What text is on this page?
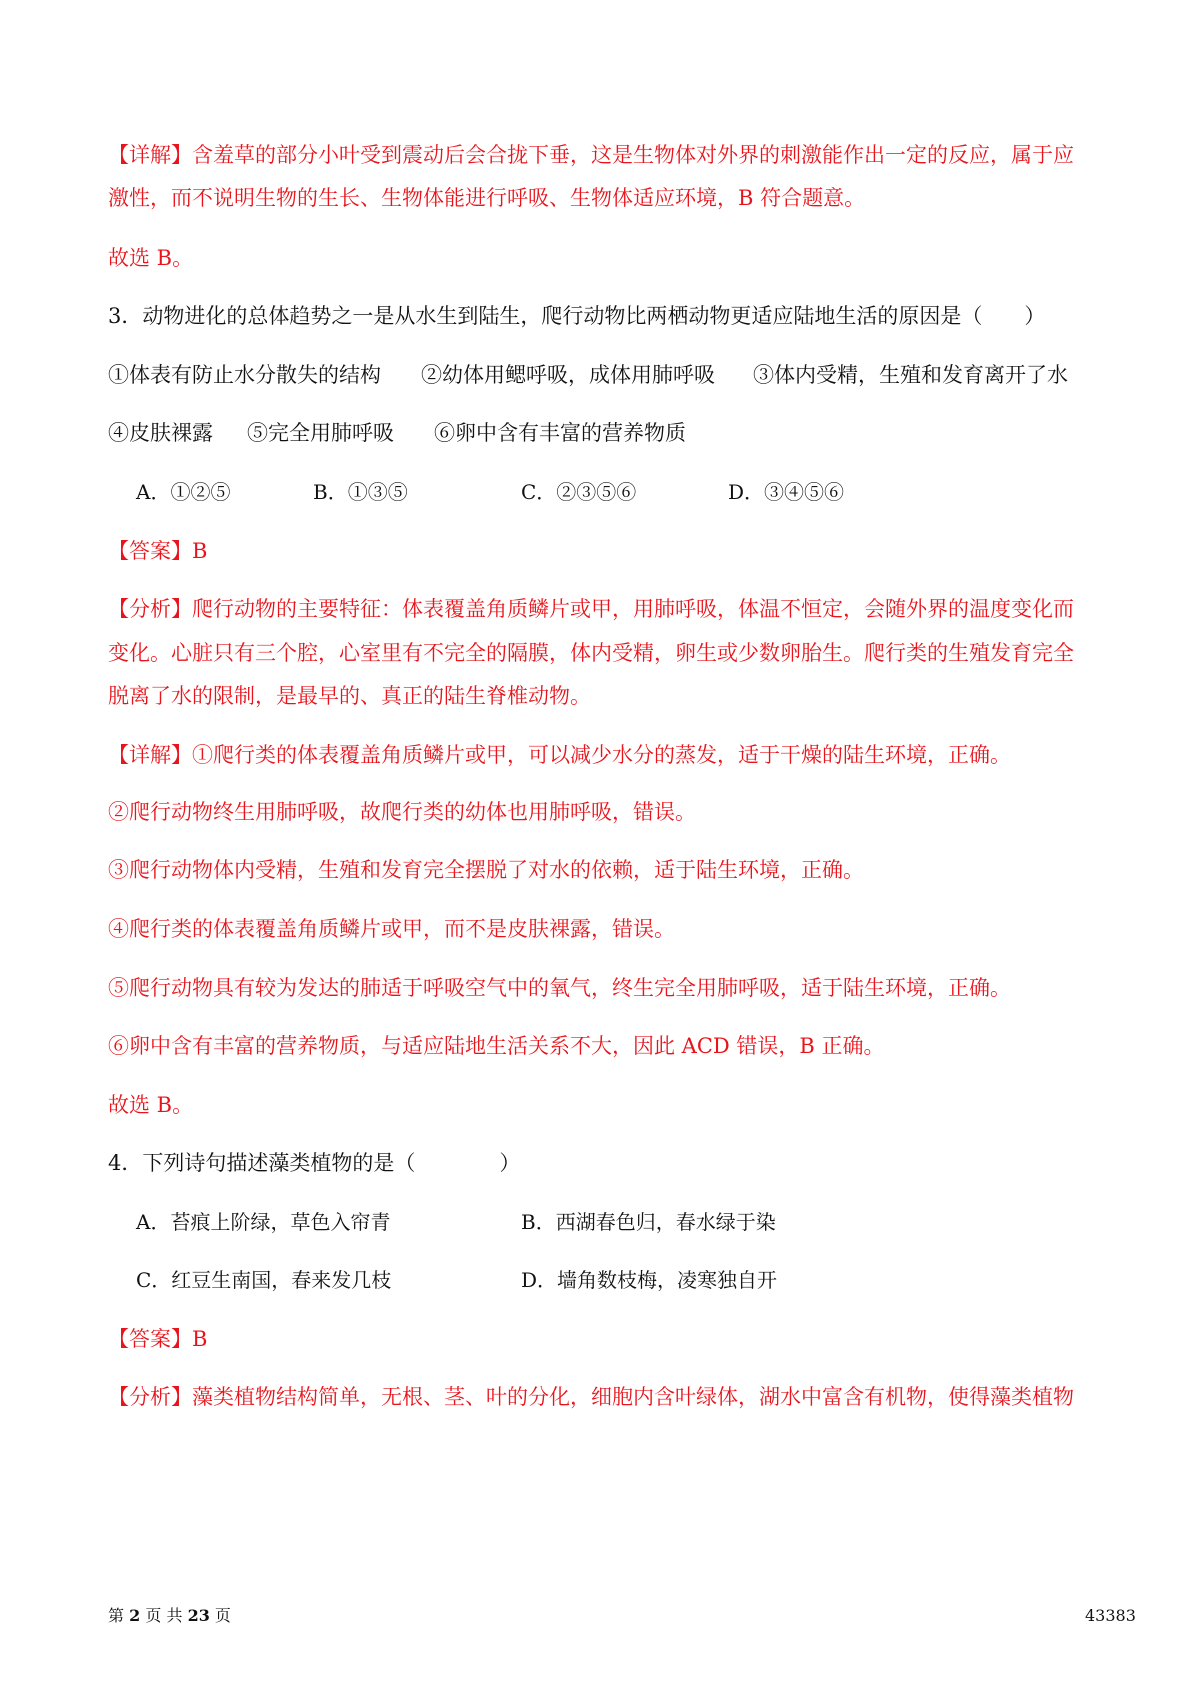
【详解】含羞草的部分小叶受到震动后会合拢下垂，这是生物体对外界的刺激能作出一定的反应，属于应
激性，而不说明生物的生长、生物体能进行呼吸、生物体适应环境，B 符合题意。
故选 B。
3．动物进化的总体趋势之一是从水生到陆生，爬行动物比两栖动物更适应陆地生活的原因是（　　）
①体表有防止水分散失的结构 ②幼体用鳃呼吸，成体用肺呼吸 ③体内受精，生殖和发育离开了水
④皮肤裸露 ⑤完全用肺呼吸 ⑥卵中含有丰富的营养物质
A．①②⑤	B．①③⑤	C．②③⑤⑥	D．③④⑤⑥
【答案】B
【分析】爬行动物的主要特征：体表覆盖角质鳞片或甲，用肺呼吸，体温不恒定，会随外界的温度变化而
变化。心脏只有三个腔，心室里有不完全的隔膜，体内受精，卵生或少数卵胎生。爬行类的生殖发育完全
脱离了水的限制，是最早的、真正的陆生脊椎动物。
【详解】①爬行类的体表覆盖角质鳞片或甲，可以减少水分的蒸发，适于干燥的陆生环境，正确。
②爬行动物终生用肺呼吸，故爬行类的幼体也用肺呼吸，错误。
③爬行动物体内受精，生殖和发育完全摆脱了对水的依赖，适于陆生环境，正确。
④爬行类的体表覆盖角质鳞片或甲，而不是皮肤裸露，错误。
⑤爬行动物具有较为发达的肺适于呼吸空气中的氧气，终生完全用肺呼吸，适于陆生环境，正确。
⑥卵中含有丰富的营养物质，与适应陆地生活关系不大，因此 ACD 错误，B 正确。
故选 B。
4．下列诗句描述藻类植物的是（　　　　）
A．苔痕上阶绿，草色入帘青	B．西湖春色归，春水绿于染
C．红豆生南国，春来发几枝	D．墙角数枝梅，凌寒独自开
【答案】B
【分析】藻类植物结构简单，无根、茎、叶的分化，细胞内含叶绿体，湖水中富含有机物，使得藻类植物
第 2 页 共 23 页	43383
